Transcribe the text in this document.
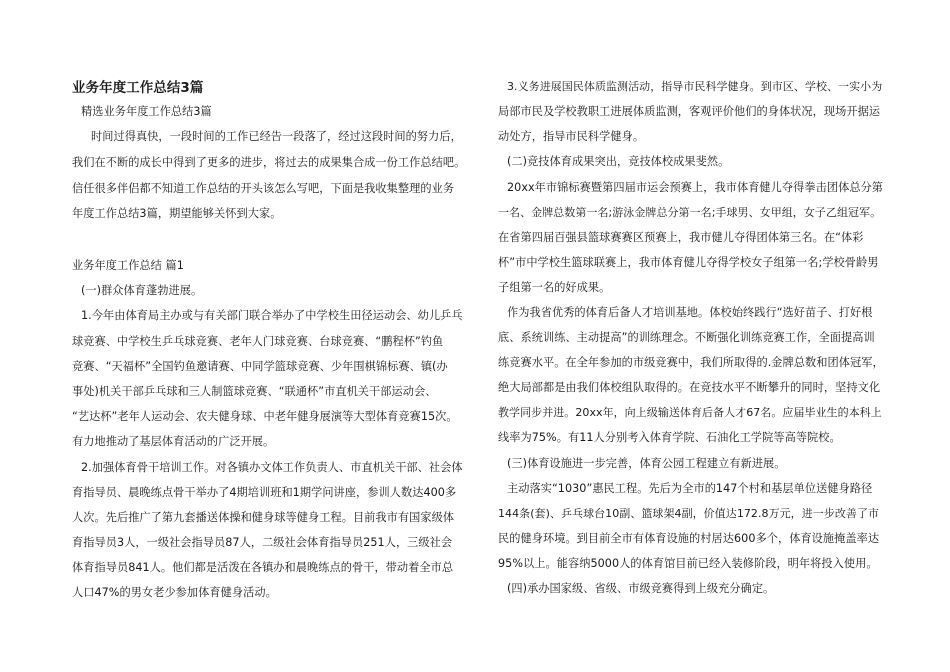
业务年度工作总结3篇
精选业务年度工作总结3篇
时间过得真快，一段时间的工作已经告一段落了，经过这段时间的努力后，
我们在不断的成长中得到了更多的进步，将过去的成果集合成一份工作总结吧。
信任很多伴侣都不知道工作总结的开头该怎么写吧，下面是我收集整理的业务
年度工作总结3篇，期望能够关怀到大家。
业务年度工作总结 篇1
(一)群众体育蓬勃进展。
1.今年由体育局主办或与有关部门联合举办了中学校生田径运动会、幼儿乒乓
球竞赛、中学校生乒乓球竞赛、老年人门球竞赛、台球竞赛、“鹏程杯”钓鱼
竞赛、“天福杯”全国钓鱼邀请赛、中同学篮球竞赛、少年围棋锦标赛、镇(办
事处)机关干部乒乓球和三人制篮球竞赛、“联通杯”市直机关干部运动会、
“艺达杯”老年人运动会、农夫健身球、中老年健身展演等大型体育竞赛15次。
有力地推动了基层体育活动的广泛开展。
2.加强体育骨干培训工作。对各镇办文体工作负责人、市直机关干部、社会体
育指导员、晨晚练点骨干举办了4期培训班和1期学问讲座，参训人数达400多
人次。先后推广了第九套播送体操和健身球等健身工程。目前我市有国家级体
育指导员3人，一级社会指导员87人，二级社会体育指导员251人，三级社会
体育指导员841人。他们都是活泼在各镇办和晨晚练点的骨干，带动着全市总
人口47%的男女老少参加体育健身活动。
3.义务进展国民体质监测活动，指导市民科学健身。到市区、学校、一实小为
局部市民及学校教职工进展体质监测，客观评价他们的身体状况，现场开据运
动处方，指导市民科学健身。
(二)竞技体育成果突出，竞技体校成果斐然。
20xx年市锦标赛暨第四届市运会预赛上，我市体育健儿夺得拳击团体总分第
一名、金牌总数第一名;游泳金牌总分第一名;手球男、女甲组，女子乙组冠军。
在省第四届百强县篮球赛赛区预赛上，我市健儿夺得团体第三名。在“体彩
杯”市中学校生篮球联赛上，我市体育健儿夺得学校女子组第一名;学校骨龄男
子组第一名的好成果。
作为我省优秀的体育后备人才培训基地。体校始终践行“选好苗子、打好根
底、系统训练、主动提高”的训练理念。不断强化训练竞赛工作，全面提高训
练竞赛水平。在全年参加的市级竞赛中，我们所取得的.金牌总数和团体冠军，
绝大局部都是由我们体校组队取得的。在竞技水平不断攀升的同时，坚持文化
教学同步并进。20xx年，向上级输送体育后备人才67名。应届毕业生的本科上
线率为75%。有11人分别考入体育学院、石油化工学院等高等院校。
(三)体育设施进一步完善，体育公园工程建立有新进展。
主动落实“1030”惠民工程。先后为全市的147个村和基层单位送健身路径
144条(套)、乒乓球台10副、篮球架4副，价值达172.8万元，进一步改善了市
民的健身环境。到目前全市有体育设施的村居达600多个，体育设施掩盖率达
95%以上。能容纳5000人的体育馆目前已经入装修阶段，明年将投入使用。
(四)承办国家级、省级、市级竞赛得到上级充分确定。
